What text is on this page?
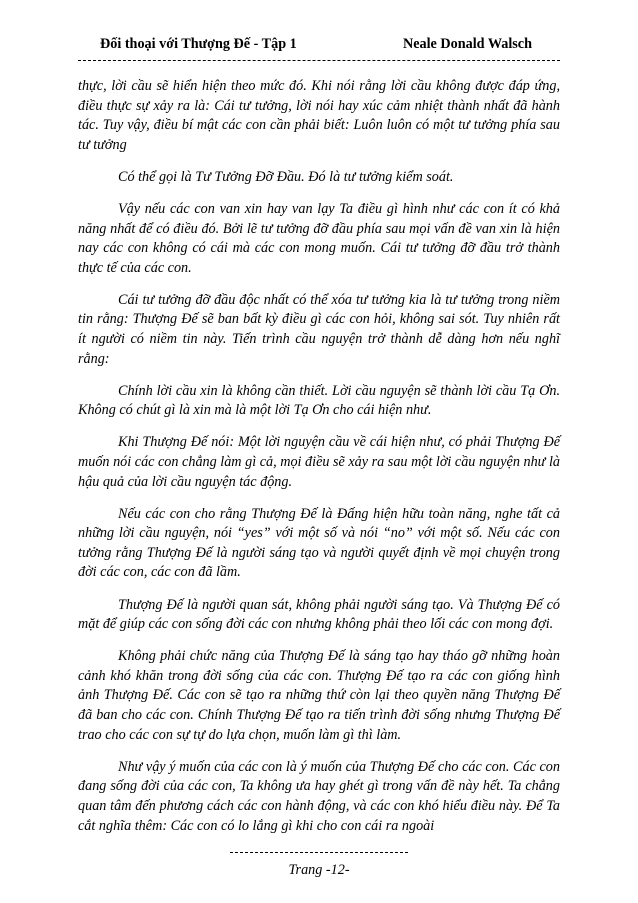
Đối thoại với Thượng Đế - Tập 1	Neale Donald Walsch

thực, lời cầu sẽ hiển hiện theo mức đó. Khi nói rằng lời cầu không được đáp ứng, điều thực sự xảy ra là: Cái tư tưởng, lời nói hay xúc cảm nhiệt thành nhất đã hành tác. Tuy vậy, điều bí mật các con cần phải biết: Luôn luôn có một tư tưởng phía sau tư tưởng

Có thể gọi là Tư Tưởng Đỡ Đầu. Đó là tư tưởng kiểm soát.

Vậy nếu các con van xin hay van lạy Ta điều gì hình như các con ít có khả năng nhất để có điều đó. Bởi lẽ tư tưởng đỡ đầu phía sau mọi vấn đề van xin là hiện nay các con không có cái mà các con mong muốn. Cái tư tưởng đỡ đầu trở thành thực tế của các con.

Cái tư tưởng đỡ đầu độc nhất có thể xóa tư tưởng kia là tư tưởng trong niềm tin rằng: Thượng Đế sẽ ban bất kỳ điều gì các con hỏi, không sai sót. Tuy nhiên rất ít người có niềm tin này. Tiến trình cầu nguyện trở thành dễ dàng hơn nếu nghĩ rằng:

Chính lời cầu xin là không cần thiết. Lời cầu nguyện sẽ thành lời cầu Tạ Ơn. Không có chút gì là xin mà là một lời Tạ Ơn cho cái hiện như.

Khi Thượng Đế nói: Một lời nguyện cầu về cái hiện như, có phải Thượng Đế muốn nói các con chẳng làm gì cả, mọi điều sẽ xảy ra sau một lời cầu nguyện như là hậu quả của lời cầu nguyện tác động.

Nếu các con cho rằng Thượng Đế là Đấng hiện hữu toàn năng, nghe tất cả những lời cầu nguyện, nói “yes” với một số và nói “no” với một số. Nếu các con tưởng rằng Thượng Đế là người sáng tạo và người quyết định về mọi chuyện trong đời các con, các con đã lầm.

Thượng Đế là người quan sát, không phải người sáng tạo. Và Thượng Đế có mặt để giúp các con sống đời các con nhưng không phải theo lối các con mong đợi.

Không phải chức năng của Thượng Đế là sáng tạo hay tháo gỡ những hoàn cảnh khó khăn trong đời sống của các con. Thượng Đế tạo ra các con giống hình ảnh Thượng Đế. Các con sẽ tạo ra những thứ còn lại theo quyền năng Thượng Đế đã ban cho các con. Chính Thượng Đế tạo ra tiến trình đời sống nhưng Thượng Đế trao cho các con sự tự do lựa chọn, muốn làm gì thì làm.

Như vậy ý muốn của các con là ý muốn của Thượng Đế cho các con. Các con đang sống đời của các con, Ta không ưa hay ghét gì trong vấn đề này hết. Ta chẳng quan tâm đến phương cách các con hành động, và các con khó hiểu điều này. Để Ta cắt nghĩa thêm: Các con có lo lắng gì khi cho con cái ra ngoài

Trang -12-
